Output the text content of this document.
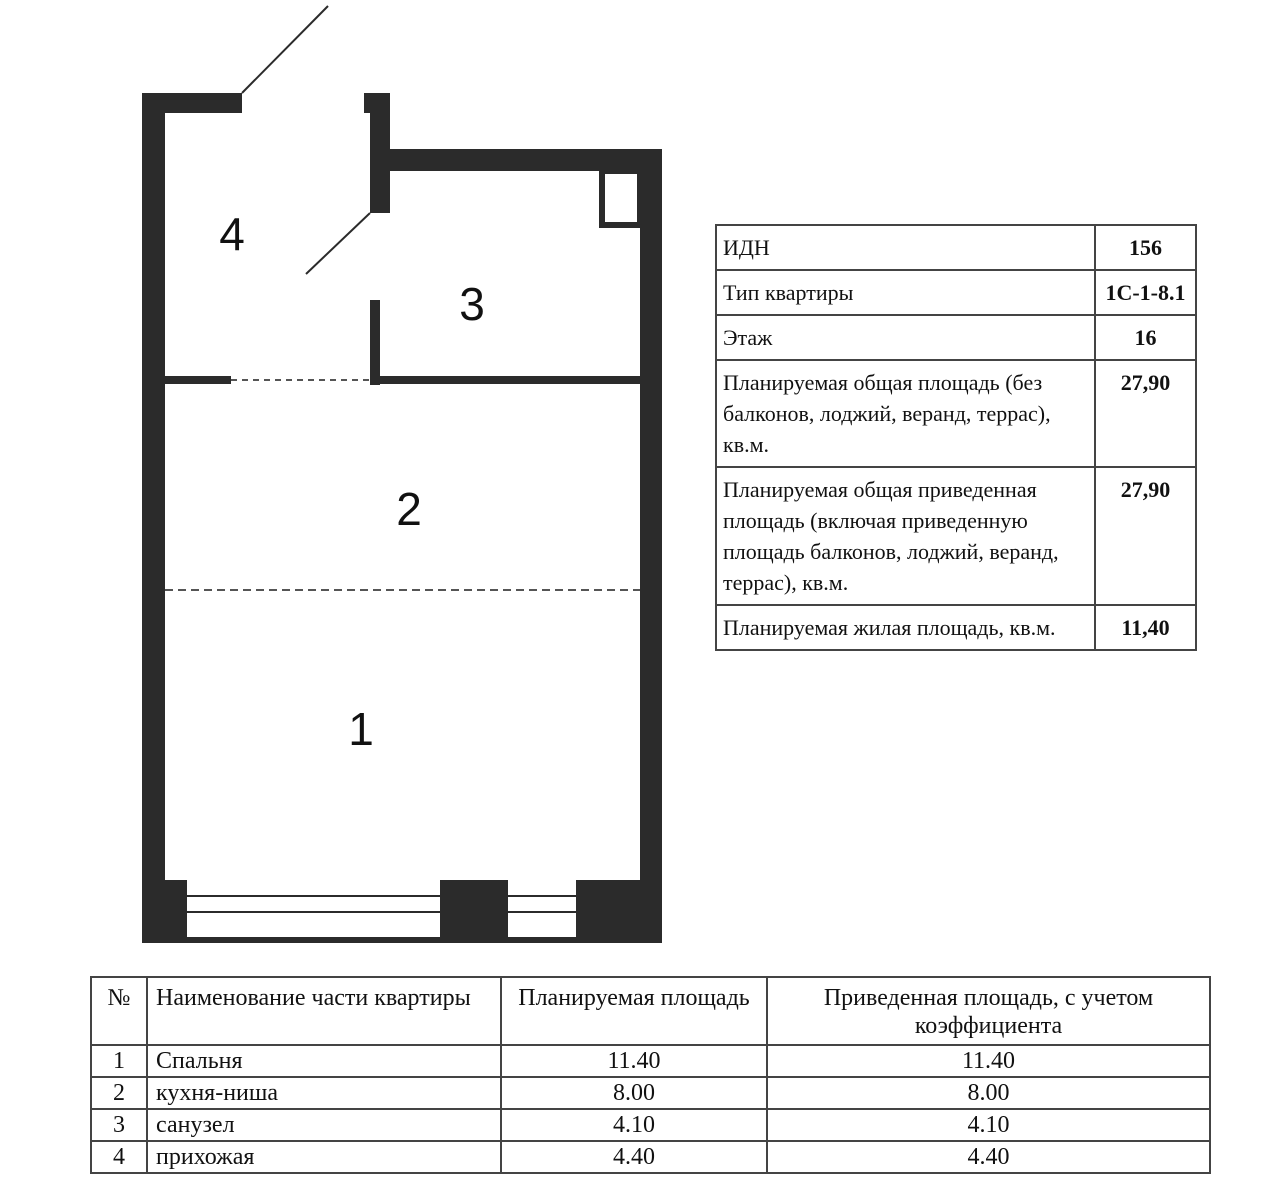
4
3
2
1
ИДН	156
Тип квартиры	1С-1-8.1
Этаж	16
Планируемая общая площадь (без балконов, лоджий, веранд, террас), кв.м.	27,90
Планируемая общая приведенная площадь (включая приведенную площадь балконов, лоджий, веранд, террас), кв.м.	27,90
Планируемая жилая площадь, кв.м.	11,40
№	Наименование части квартиры	Планируемая площадь	Приведенная площадь, с учетом коэффициента
1	Спальня	11.40	11.40
2	кухня-ниша	8.00	8.00
3	санузел	4.10	4.10
4	прихожая	4.40	4.40
